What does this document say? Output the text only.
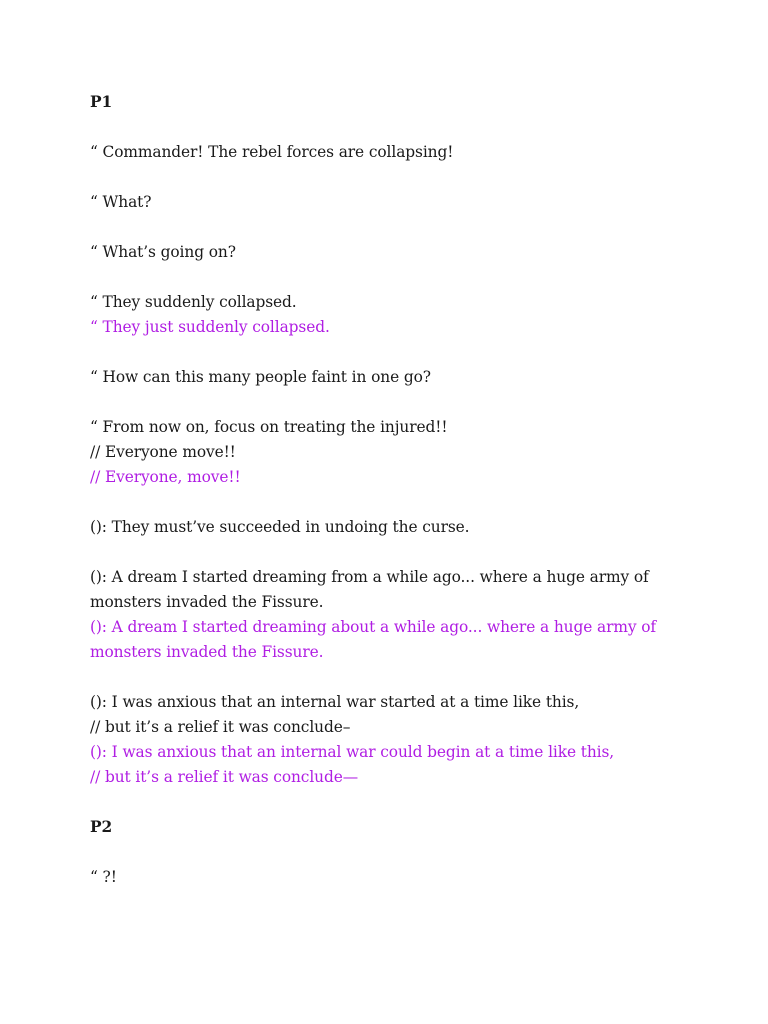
P1
“ Commander! The rebel forces are collapsing!
“ What?
“ What’s going on?
“ They suddenly collapsed.
“ They just suddenly collapsed.
“ How can this many people faint in one go?
“ From now on, focus on treating the injured!!
// Everyone move!!
// Everyone, move!!
(): They must’ve succeeded in undoing the curse.
(): A dream I started dreaming from a while ago... where a huge army of
monsters invaded the Fissure.
(): A dream I started dreaming about a while ago... where a huge army of
monsters invaded the Fissure.
(): I was anxious that an internal war started at a time like this,
// but it’s a relief it was conclude–
(): I was anxious that an internal war could begin at a time like this,
// but it’s a relief it was conclude—
P2
“ ?!
